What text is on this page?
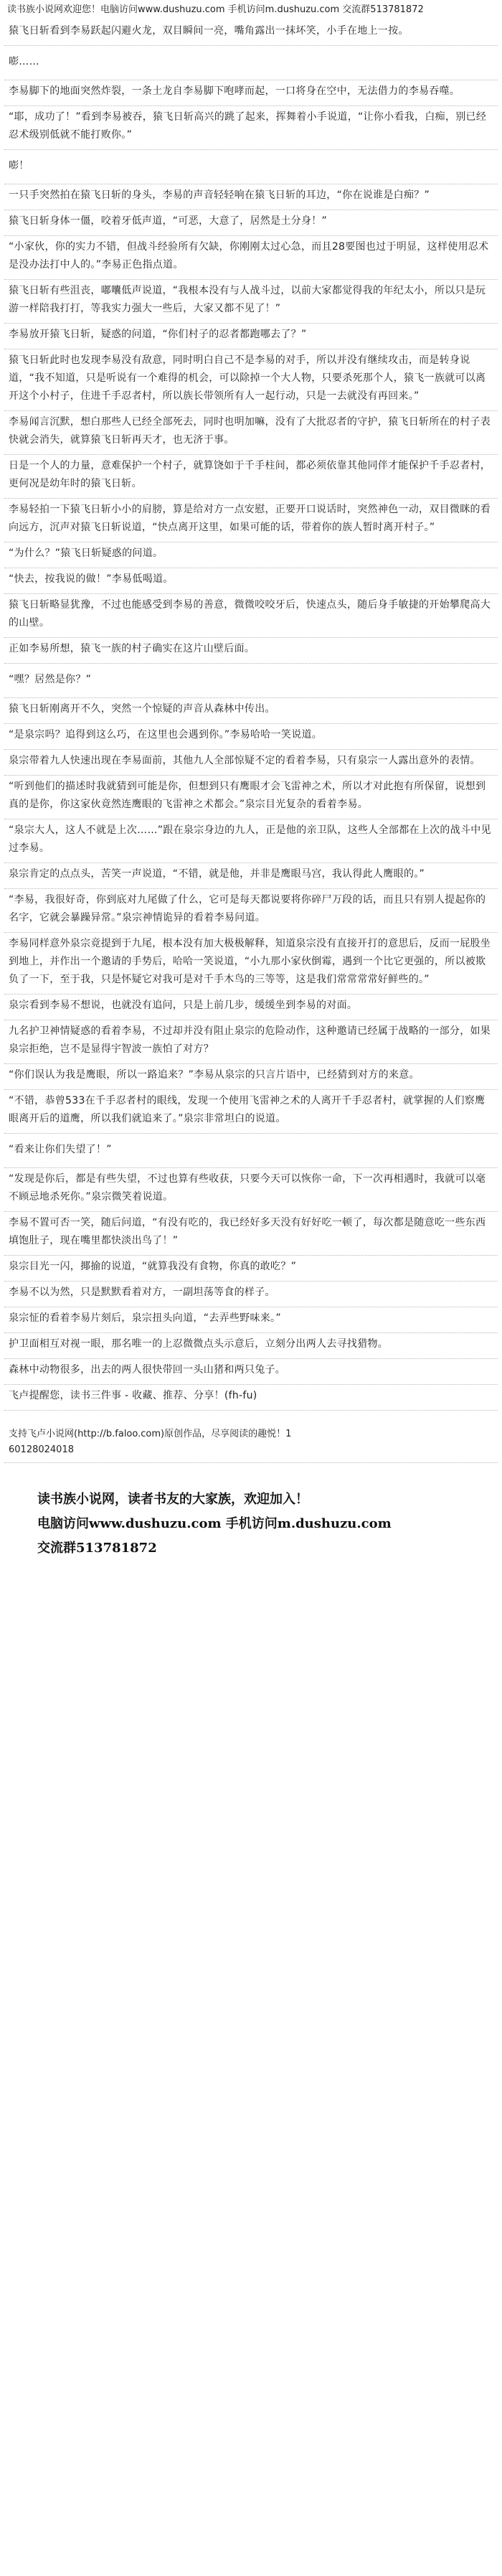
读书族小说网欢迎您！电脑访问www.dushuzu.com 手机访问m.dushuzu.com 交流群513781872

猿飞日斩看到李易跃起闪避火龙，双目瞬间一亮，嘴角露出一抹坏笑，小手在地上一按。

嘭……

李易脚下的地面突然炸裂，一条土龙自李易脚下咆哮而起，一口将身在空中，无法借力的李易吞噬。

“耶，成功了！”看到李易被吞，猿飞日斩高兴的跳了起来，挥舞着小手说道，“让你小看我，白痴，别已经忍术级别低就不能打败你。”

嘭！

一只手突然拍在猿飞日斩的身头，李易的声音轻轻响在猿飞日斩的耳边，“你在说谁是白痴？”

猿飞日斩身体一僵，咬着牙低声道，“可恶，大意了，居然是土分身！”

“小家伙，你的实力不错，但战斗经验所有欠缺，你刚刚太过心急，而且28要图也过于明显，这样使用忍术是没办法打中人的。”李易正色指点道。

猿飞日斩有些沮丧，嘟囔低声说道，“我根本没有与人战斗过，以前大家都觉得我的年纪太小，所以只是玩游一样陪我打打，等我实力强大一些后，大家又都不见了！”

李易放开猿飞日斩，疑惑的问道，“你们村子的忍者都跑哪去了？”

猿飞日斩此时也发现李易没有敌意，同时明白自己不是李易的对手，所以并没有继续攻击，而是转身说道，“我不知道，只是听说有一个难得的机会，可以除掉一个大人物，只要杀死那个人，猿飞一族就可以离开这个小村子，住进千手忍者村，所以族长带领所有人一起行动，只是一去就没有再回来。”

李易闻言沉默，想白那些人已经全部死去，同时也明加嘛，没有了大批忍者的守护，猿飞日斩所在的村子表快就会消失，就算猿飞日斩再天才，也无济于事。

日是一个人的力量，意难保护一个村子，就算饶如于千手柱间，都必须依靠其他同伴才能保护千手忍者村，更何况是幼年时的猿飞日斩。

李易轻拍一下猿飞日斩小小的肩膀，算是给对方一点安慰，正要开口说话时，突然神色一动，双目微眯的看向远方，沉声对猿飞日斩说道，“快点离开这里，如果可能的话，带着你的族人暂时离开村子。”

“为什么？”猿飞日斩疑惑的问道。

“快去，按我说的做！”李易低喝道。

猿飞日斩略显犹豫，不过也能感受到李易的善意，微微咬咬牙后，快速点头，随后身手敏捷的开始攀爬高大的山壁。

正如李易所想，猿飞一族的村子确实在这片山壁后面。

“嘿？居然是你？”

猿飞日斩刚离开不久，突然一个惊疑的声音从森林中传出。

“是泉宗吗？追得到这么巧，在这里也会遇到你。”李易哈哈一笑说道。

泉宗带着九人快速出现在李易面前，其他九人全部惊疑不定的看着李易，只有泉宗一人露出意外的表情。

“听到他们的描述时我就猜到可能是你，但想到只有鹰眼才会飞雷神之术，所以才对此抱有所保留，说想到真的是你，你这家伙竟然连鹰眼的飞雷神之术都会。”泉宗目光复杂的看着李易。

“泉宗大人，这人不就是上次……”跟在泉宗身边的九人，正是他的亲卫队，这些人全部都在上次的战斗中见过李易。

泉宗肯定的点点头，苦笑一声说道，“不错，就是他，并非是鹰眼马宫，我认得此人鹰眼的。”

“李易，我很好奇，你到底对九尾做了什么，它可是每天都说要将你碎尸万段的话，而且只有别人提起你的名字，它就会暴躁异常。”泉宗神情诡异的看着李易问道。

李易同样意外泉宗竟提到于九尾，根本没有加大极极解释，知道泉宗没有直接开打的意思后，反而一屁股坐到地上，并作出一个邀请的手势后，哈哈一笑说道，“小九那小家伙倒霉，遇到一个比它更强的，所以被欺负了一下，至于我，只是怀疑它对我可是对千手木鸟的三等等，这是我们常常常常好鲜些的。”

泉宗看到李易不想说，也就没有追问，只是上前几步，缓缓坐到李易的对面。

九名护卫神情疑惑的看着李易，不过却并没有阻止泉宗的危险动作，这种邀请已经属于战略的一部分，如果泉宗拒绝，岂不是显得宇智波一族怕了对方？

“你们误认为我是鹰眼，所以一路追来？”李易从泉宗的只言片语中，已经猜到对方的来意。

“不错，恭曾533在千手忍者村的眼线，发现一个使用飞雷神之术的人离开千手忍者村，就掌握的人们察鹰眼离开后的道鹰，所以我们就追来了。”泉宗非常坦白的说道。

“看来让你们失望了！”

“发现是你后，都是有些失望，不过也算有些收获，只要今天可以恢你一命，下一次再相遇时，我就可以毫不顾忌地杀死你。”泉宗微笑着说道。

李易不置可否一笑，随后问道，“有没有吃的，我已经好多天没有好好吃一顿了，每次都是随意吃一些东西填饱肚子，现在嘴里都快淡出鸟了！”

泉宗目光一闪，揶揄的说道，“就算我没有食物，你真的敢吃？”

李易不以为然，只是默默看着对方，一副坦荡等食的样子。

泉宗怔的看着李易片刻后，泉宗扭头向道，“去弄些野味来。”

护卫面相互对视一眼，那名唯一的上忍微微点头示意后，立刻分出两人去寻找猎物。

森林中动物很多，出去的两人很快带回一头山猪和两只兔子。

飞卢提醒您，读书三件事 - 收藏、推荐、分享！(fh-fu)

支持飞卢小说网(http://b.faloo.com)原创作品，尽享阅读的趣悦！1
60128024018
读书族小说网，读者书友的大家族，欢迎加入！
电脑访问www.dushuzu.com 手机访问m.dushuzu.com
交流群513781872
